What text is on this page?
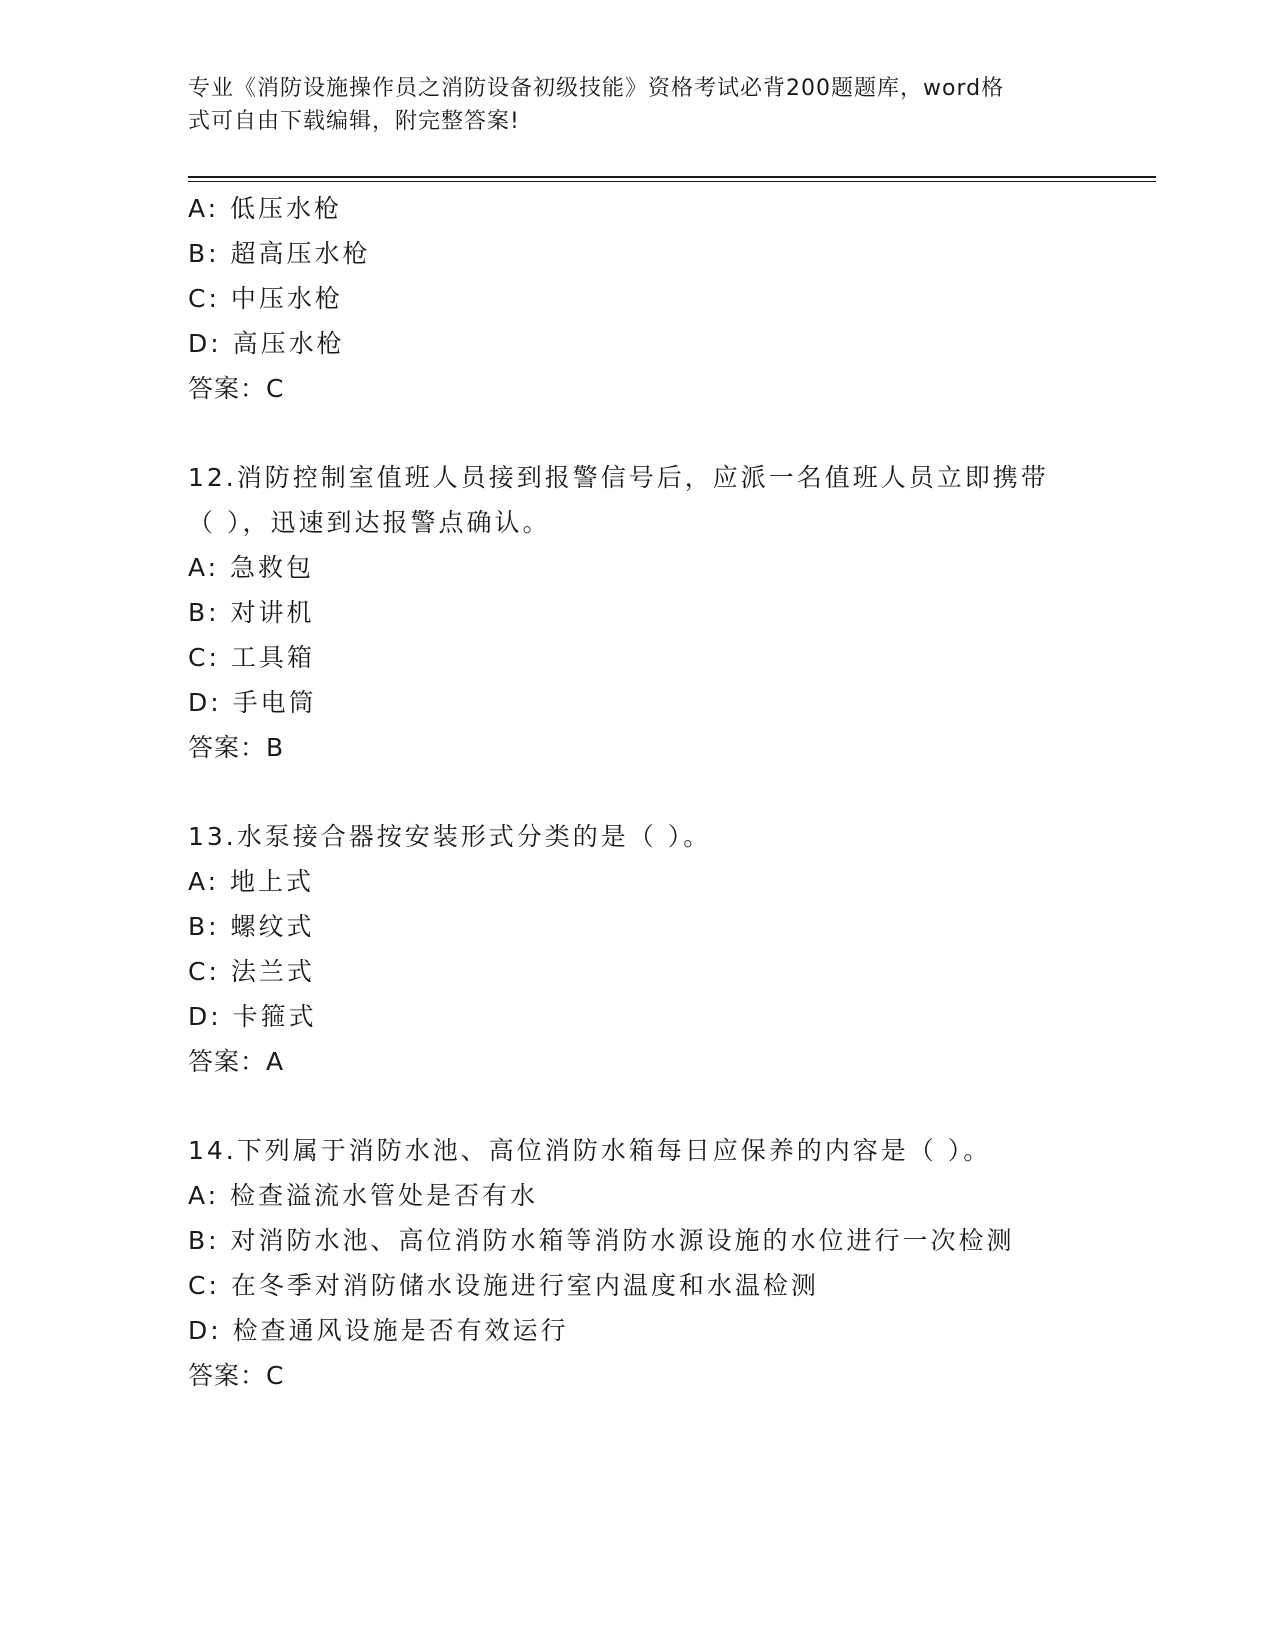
专业《消防设施操作员之消防设备初级技能》资格考试必背200题题库，word格
式可自由下载编辑，附完整答案!
A: 低压水枪
B: 超高压水枪
C: 中压水枪
D: 高压水枪
答案：C
12.消防控制室值班人员接到报警信号后，应派一名值班人员立即携带
（ ），迅速到达报警点确认。
A: 急救包
B: 对讲机
C: 工具箱
D: 手电筒
答案：B
13.水泵接合器按安装形式分类的是（ ）。
A: 地上式
B: 螺纹式
C: 法兰式
D: 卡箍式
答案：A
14.下列属于消防水池、高位消防水箱每日应保养的内容是（ ）。
A: 检查溢流水管处是否有水
B: 对消防水池、高位消防水箱等消防水源设施的水位进行一次检测
C: 在冬季对消防储水设施进行室内温度和水温检测
D: 检查通风设施是否有效运行
答案：C
